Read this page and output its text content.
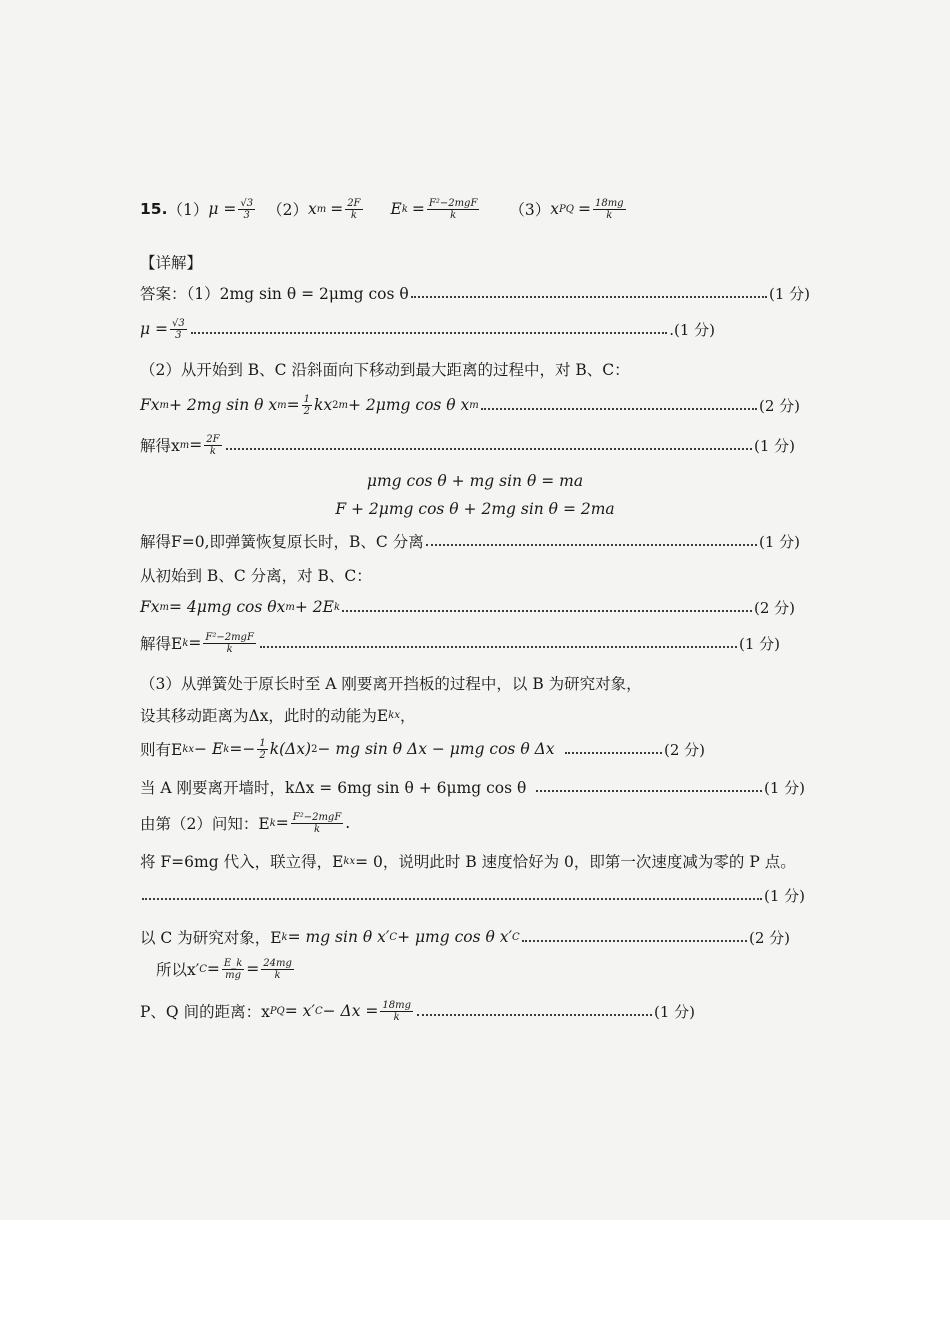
15. （1） $\mu = \frac{√3}{3} (2)$ x $m = \frac{2F}{k}$ E $k = \frac{\text{F²−2mgF}}{k} (3)$ x PQ = $\frac{18mg}{k}$
【详解】
答案：（1）2mg sin θ = 2μmg cos θ	(1 分)
$\mu = \frac{√3}{3}$	.(1 分)
（2）从开始到 B、C 沿斜面向下移动到最大距离的过程中，对 B、C：
Fx m + 2mg sin θ x $m = \frac{1}{2}$ kx 2 m + 2μmg cos θ x m	(2 分)
解得x $m = \frac{2F}{k}$	(1 分)
μmg cos θ + mg sin θ = ma
F + 2μmg cos θ + 2mg sin θ = 2ma
解得F=0,即弹簧恢复原长时，B、C 分离	(1 分)
从初始到 B、C 分离，对 B、C：
Fx m = 4μmg cos θx m + 2E k	(2 分)
解得E $k = \frac{\text{F²−2mgF}}{k}$	(1 分)
（3）从弹簧处于原长时至 A 刚要离开挡板的过程中，以 B 为研究对象，
设其移动距离为Δx，此时的动能为E kx ，
则有E kx − E $k =- \frac{1}{2} k(\Delta x) 2$ − mg sin θ Δx − μmg cos θ Δx	(2 分)
当 A 刚要离开墙时，kΔx = 6mg sin θ + 6μmg cos θ	(1 分)
由第（2）问知：E $k = \frac{\text{F²−2mgF}}{k}$ .
将 F=6mg 代入，联立得，E kx = 0，说明此时 B 速度恰好为 0，即第一次速度减为零的 P 点。
(1 分)
以 C 为研究对象，E k = mg sin θ x′ C + μmg cos θ x′ C	(2 分)
所以x′ $C = \frac{E\_k}{mg} = \frac{24mg}{k}$
P、Q 间的距离：x PQ = x′ $C - \Delta x = \frac{18mg}{k}$	(1 分)
